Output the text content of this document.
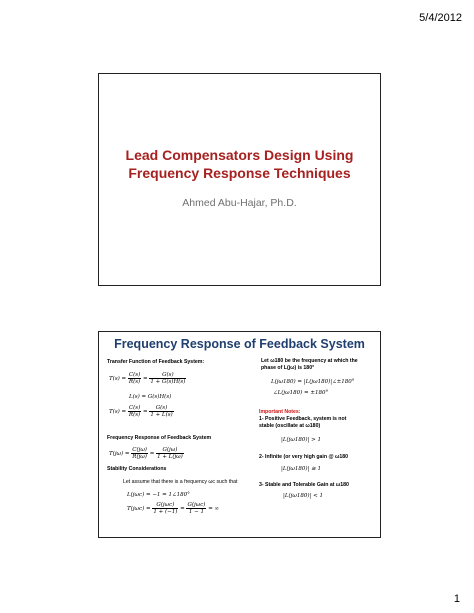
5/4/2012
Lead Compensators Design Using
Frequency Response Techniques
Ahmed Abu-Hajar, Ph.D.
Frequency Response of Feedback System
Transfer Function of Feedback System:
$T(s) = \frac{C(s)}{R(s)} = \frac{G(s)}{1 + G(s)H(s)}$
L(s) = G(s)H(s)
$T(s) = \frac{C(s)}{R(s)} = \frac{G(s)}{1 + L(s)}$
Frequency Response of Feedback System
$T(j\omega) = \frac{C(j\omega)}{R(j\omega)} = \frac{G(j\omega)}{1 + L(j\omega)}$
Stability Considerations
Let assume that there is a frequency ωc such that
L(jωc) = −1 = 1∠180°
$T(j\omega c) = \frac{\text{G(jωc)}}{1 + (-1)} = \frac{\text{G(jωc)}}{1 - 1}$ = ∞
Let ω180 be the frequency at which the
phase of L(jω) is 180°
L(jω180) = |L(jω180)|∠±180°
∠L(jω180) = ±180°
Important Notes:
1- Positive Feedback, system is not
stable (oscillate at ω180)
|L(jω180)| > 1
2- Infinite (or very high gain @ ω180
|L(jω180)| ≅ 1
3- Stable and Tolerable Gain at ω180
|L(jω180)| < 1
1
